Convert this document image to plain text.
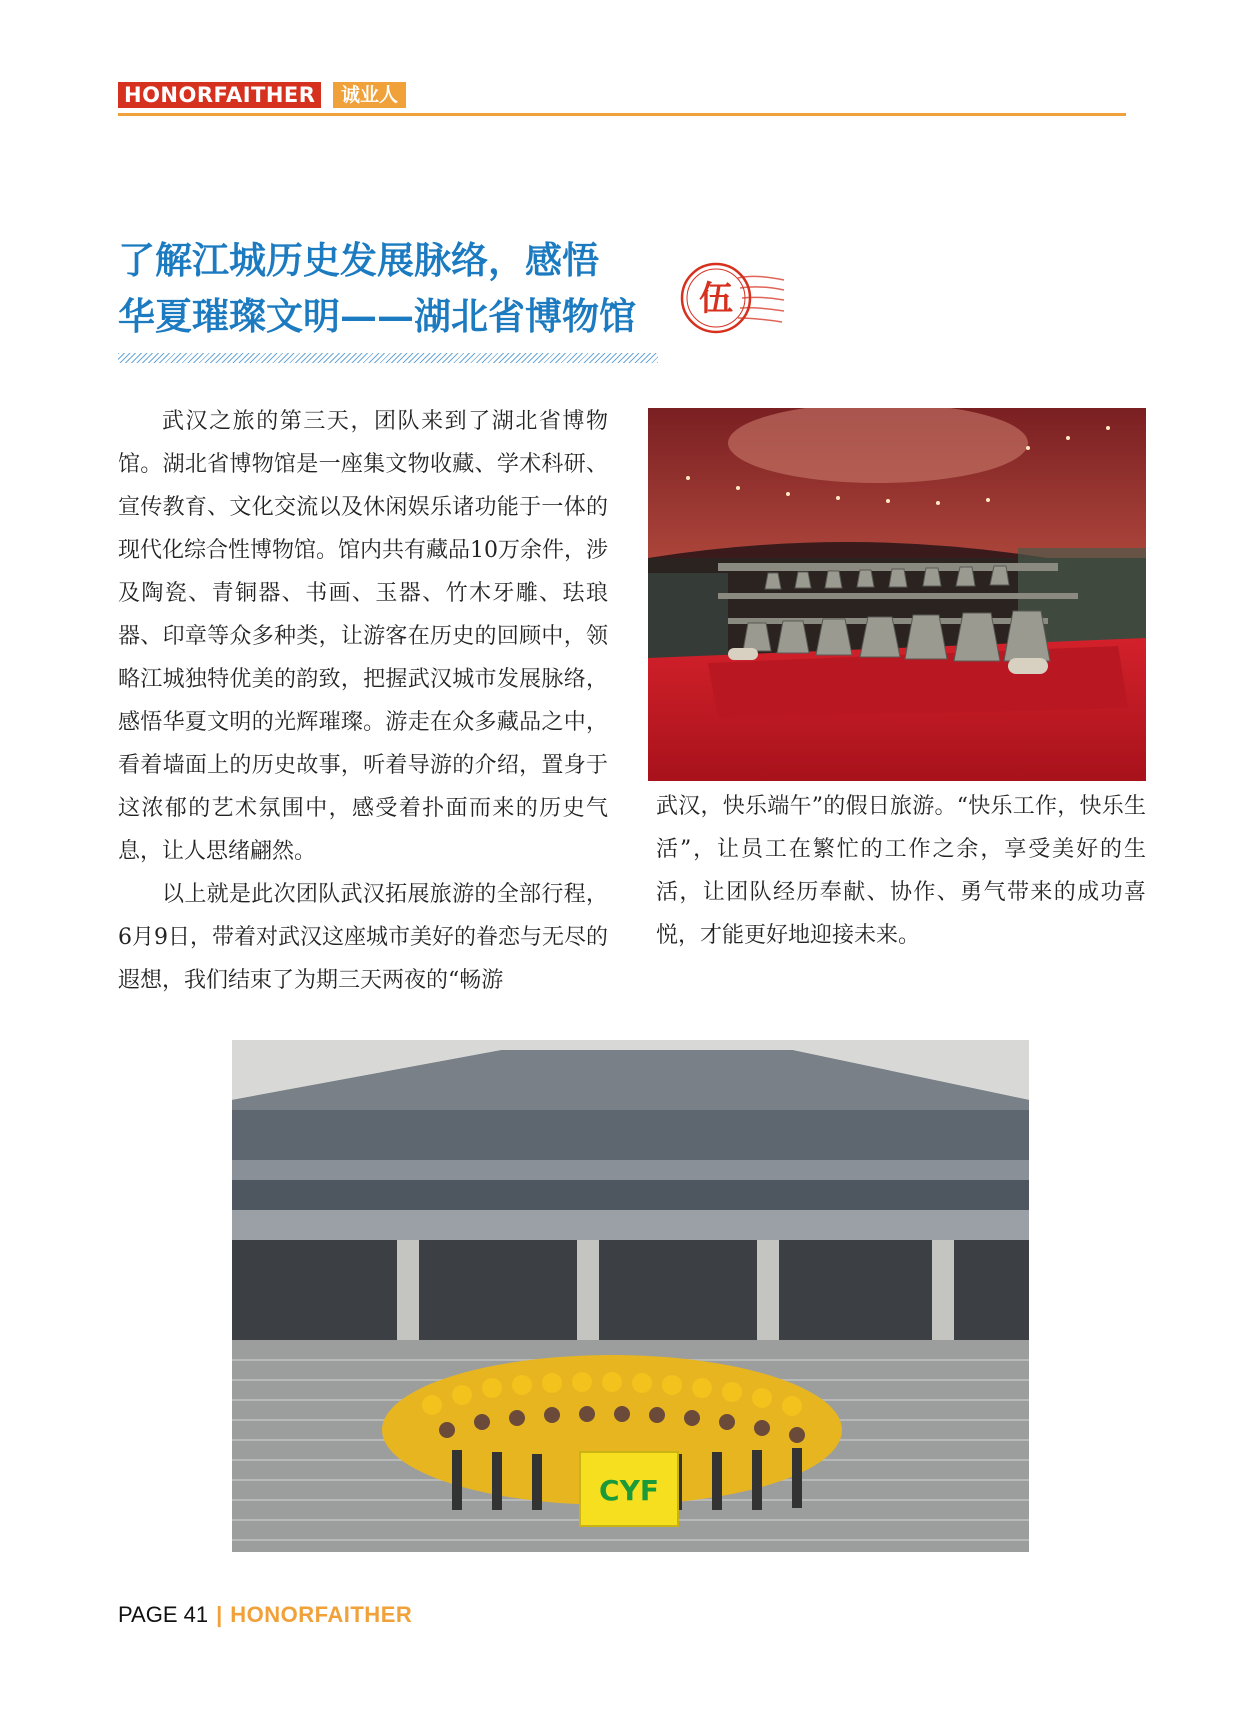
HONORFAITHER	诚业人
了解江城历史发展脉络，感悟
华夏璀璨文明——湖北省博物馆	伍

武汉之旅的第三天，团队来到了湖北省博物馆。湖北省博物馆是一座集文物收藏、学术科研、宣传教育、文化交流以及休闲娱乐诸功能于一体的现代化综合性博物馆。馆内共有藏品10万余件，涉及陶瓷、青铜器、书画、玉器、竹木牙雕、珐琅器、印章等众多种类，让游客在历史的回顾中，领略江城独特优美的韵致，把握武汉城市发展脉络，感悟华夏文明的光辉璀璨。游走在众多藏品之中，看着墙面上的历史故事，听着导游的介绍，置身于这浓郁的艺术氛围中，感受着扑面而来的历史气息，让人思绪翩然。

以上就是此次团队武汉拓展旅游的全部行程，6月9日，带着对武汉这座城市美好的眷恋与无尽的遐想，我们结束了为期三天两夜的“畅游

武汉，快乐端午”的假日旅游。“快乐工作，快乐生活”，让员工在繁忙的工作之余，享受美好的生活，让团队经历奉献、协作、勇气带来的成功喜悦，才能更好地迎接未来。

CYF
PAGE 41 | HONORFAITHER
